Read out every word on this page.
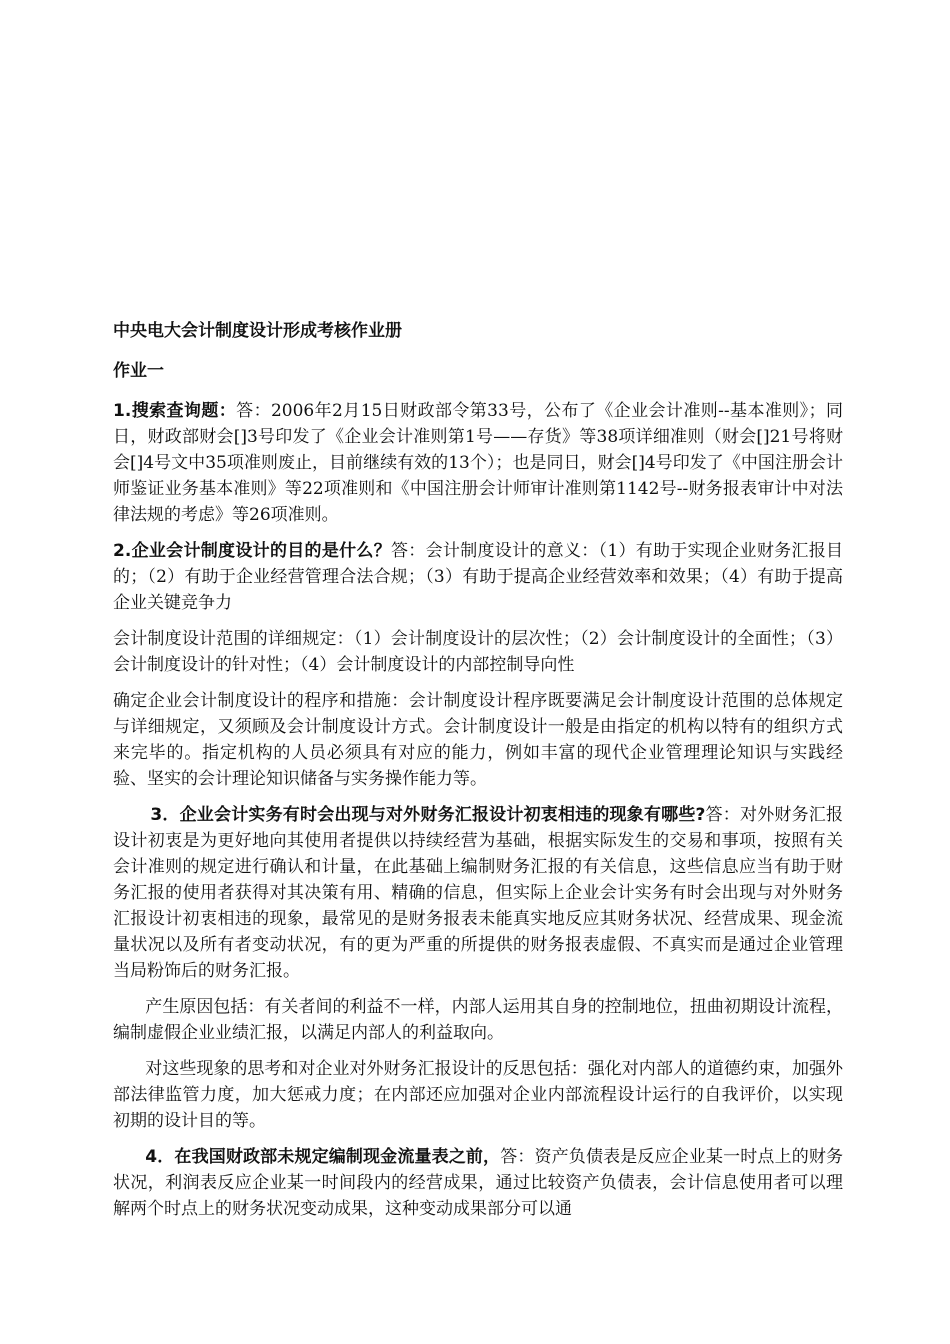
中央电大会计制度设计形成考核作业册

作业一

1.搜索查询题：答：2006年2月15日财政部令第33号，公布了《企业会计准则--基本准则》；同日，财政部财会[]3号印发了《企业会计准则第1号——存货》等38项详细准则（财会[]21号将财会[]4号文中35项准则废止，目前继续有效的13个）；也是同日，财会[]4号印发了《中国注册会计师鉴证业务基本准则》等22项准则和《中国注册会计师审计准则第1142号--财务报表审计中对法律法规的考虑》等26项准则。

2.企业会计制度设计的目的是什么？答：会计制度设计的意义：（1）有助于实现企业财务汇报目的；（2）有助于企业经营管理合法合规；（3）有助于提高企业经营效率和效果；（4）有助于提高企业关键竞争力

会计制度设计范围的详细规定：（1）会计制度设计的层次性；（2）会计制度设计的全面性；（3）会计制度设计的针对性；（4）会计制度设计的内部控制导向性

确定企业会计制度设计的程序和措施：会计制度设计程序既要满足会计制度设计范围的总体规定与详细规定，又须顾及会计制度设计方式。会计制度设计一般是由指定的机构以特有的组织方式来完毕的。指定机构的人员必须具有对应的能力，例如丰富的现代企业管理理论知识与实践经验、坚实的会计理论知识储备与实务操作能力等。

3．企业会计实务有时会出现与对外财务汇报设计初衷相违的现象有哪些?答：对外财务汇报设计初衷是为更好地向其使用者提供以持续经营为基础，根据实际发生的交易和事项，按照有关会计准则的规定进行确认和计量，在此基础上编制财务汇报的有关信息，这些信息应当有助于财务汇报的使用者获得对其决策有用、精确的信息，但实际上企业会计实务有时会出现与对外财务汇报设计初衷相违的现象，最常见的是财务报表未能真实地反应其财务状况、经营成果、现金流量状况以及所有者变动状况，有的更为严重的所提供的财务报表虚假、不真实而是通过企业管理当局粉饰后的财务汇报。

产生原因包括：有关者间的利益不一样，内部人运用其自身的控制地位，扭曲初期设计流程，编制虚假企业业绩汇报，以满足内部人的利益取向。

对这些现象的思考和对企业对外财务汇报设计的反思包括：强化对内部人的道德约束，加强外部法律监管力度，加大惩戒力度；在内部还应加强对企业内部流程设计运行的自我评价，以实现初期的设计目的等。

4．在我国财政部未规定编制现金流量表之前，答：资产负债表是反应企业某一时点上的财务状况，利润表反应企业某一时间段内的经营成果，通过比较资产负债表，会计信息使用者可以理解两个时点上的财务状况变动成果，这种变动成果部分可以通
